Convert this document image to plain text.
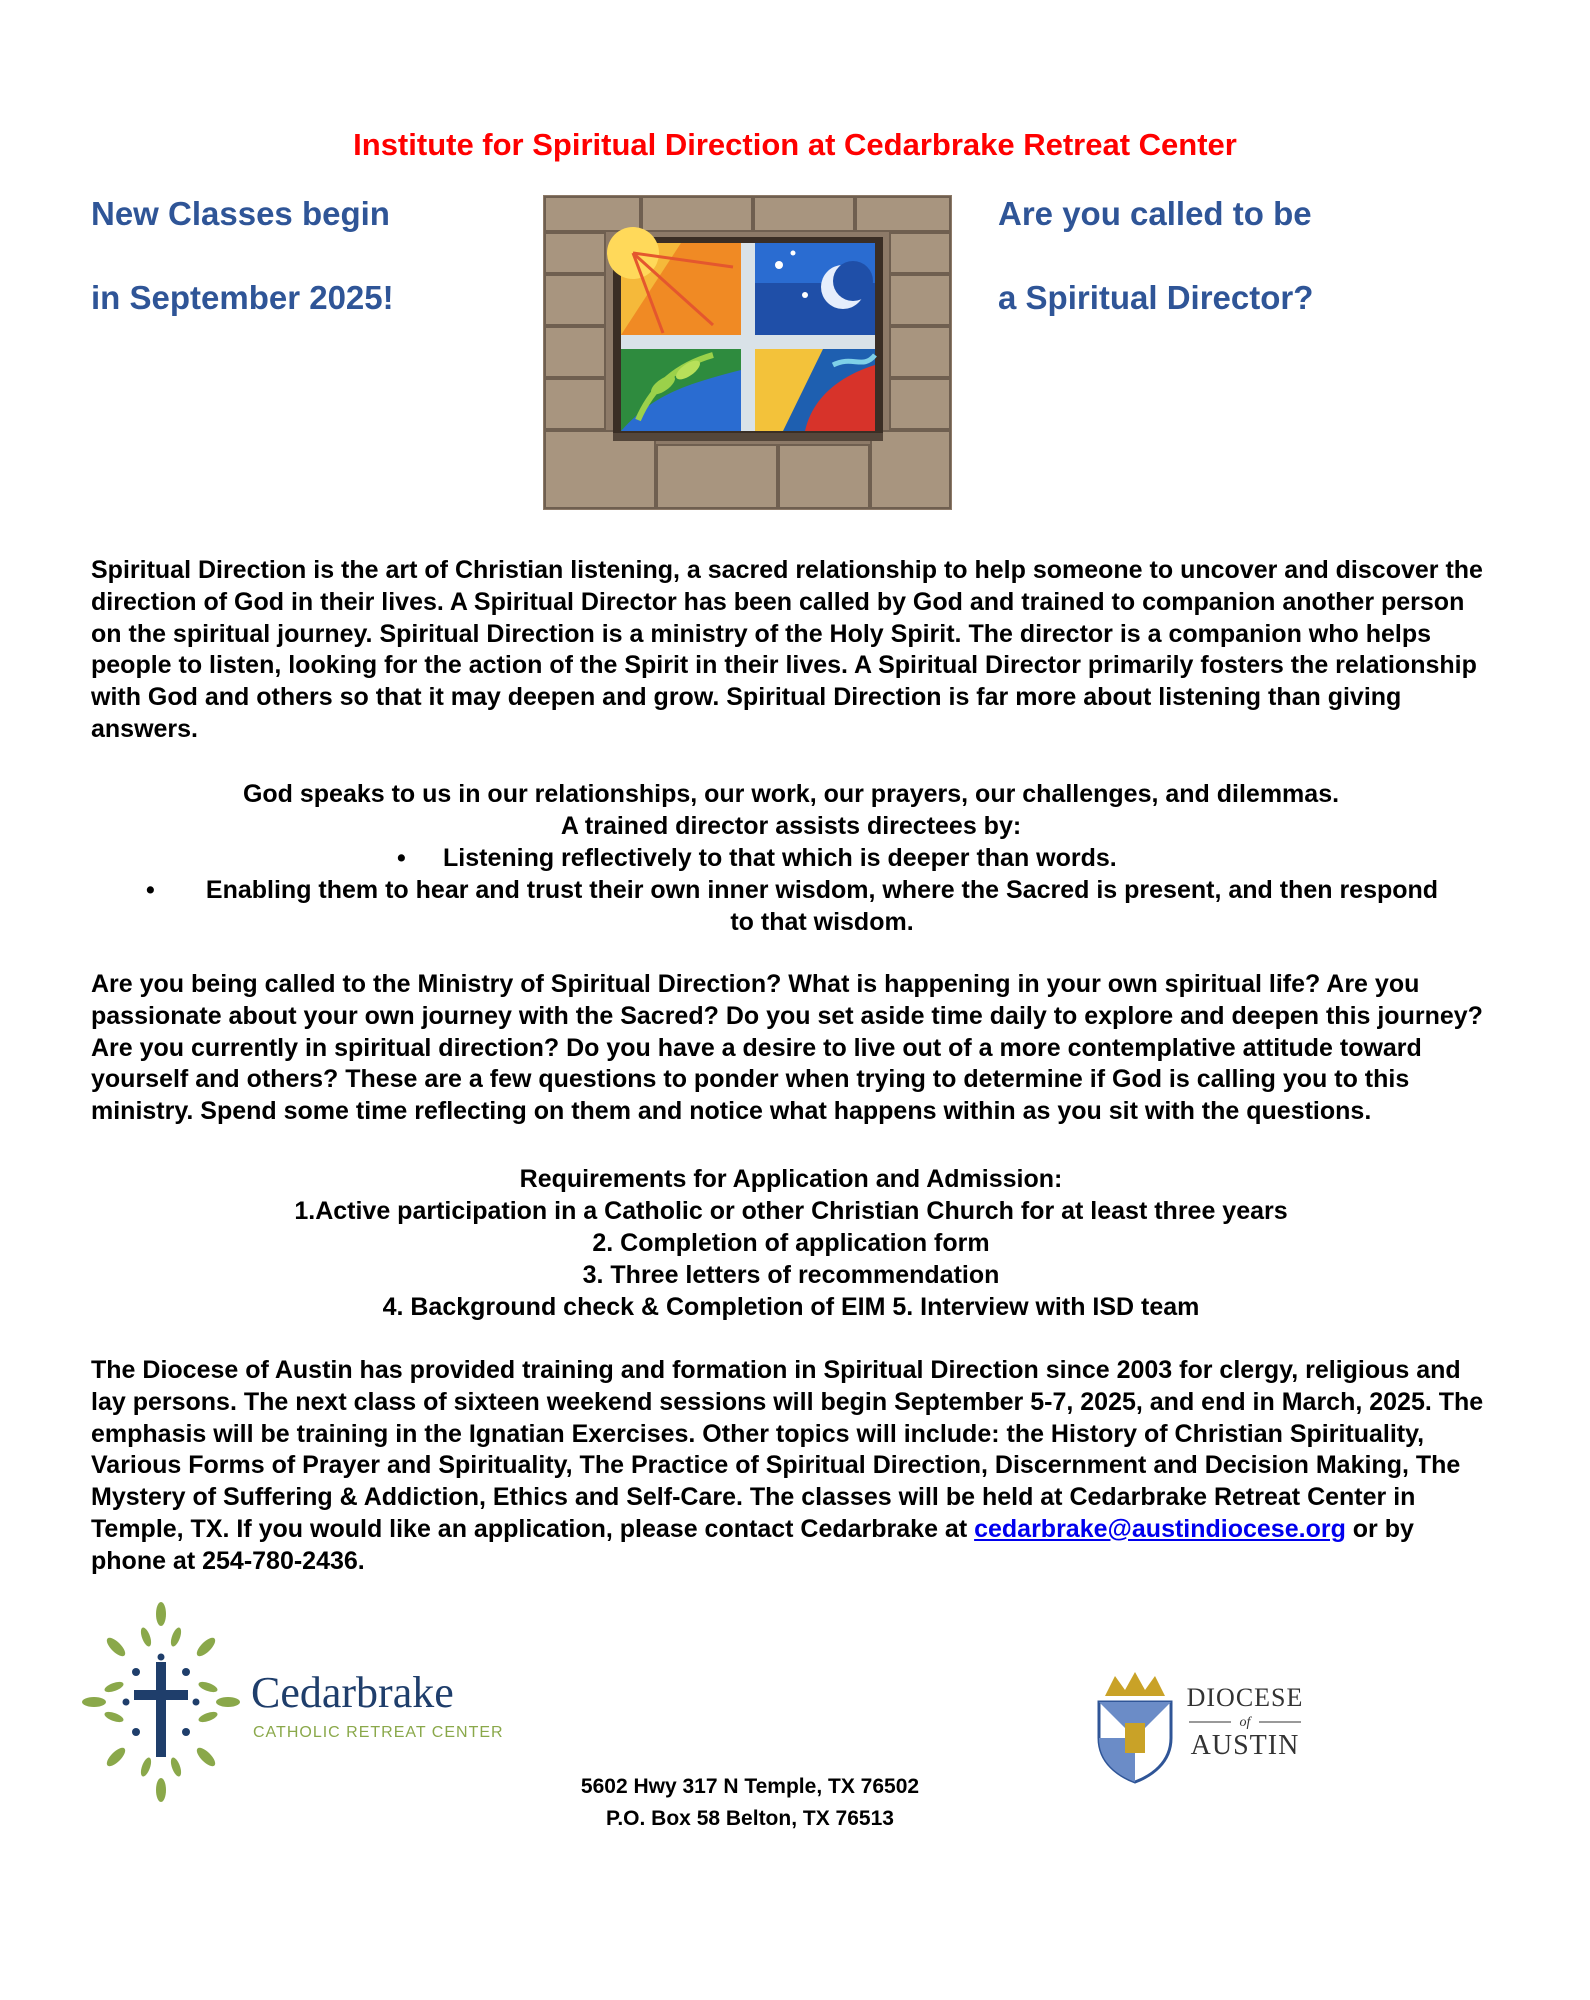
Institute for Spiritual Direction at Cedarbrake Retreat Center
New Classes begin
in September 2025!
Are you called to be
a Spiritual Director?
Spiritual Direction is the art of Christian listening, a sacred relationship to help someone to uncover and discover the direction of God in their lives. A Spiritual Director has been called by God and trained to companion another person on the spiritual journey. Spiritual Direction is a ministry of the Holy Spirit. The director is a companion who helps people to listen, looking for the action of the Spirit in their lives. A Spiritual Director primarily fosters the relationship with God and others so that it may deepen and grow. Spiritual Direction is far more about listening than giving answers.
God speaks to us in our relationships, our work, our prayers, our challenges, and dilemmas.
A trained director assists directees by:
• Listening reflectively to that which is deeper than words.
•	Enabling them to hear and trust their own inner wisdom, where the Sacred is present, and then respond to that wisdom.
Are you being called to the Ministry of Spiritual Direction? What is happening in your own spiritual life? Are you passionate about your own journey with the Sacred? Do you set aside time daily to explore and deepen this journey? Are you currently in spiritual direction? Do you have a desire to live out of a more contemplative attitude toward yourself and others? These are a few questions to ponder when trying to determine if God is calling you to this ministry. Spend some time reflecting on them and notice what happens within as you sit with the questions.
Requirements for Application and Admission:
1.Active participation in a Catholic or other Christian Church for at least three years
2. Completion of application form
3. Three letters of recommendation
4. Background check & Completion of EIM 5. Interview with ISD team
The Diocese of Austin has provided training and formation in Spiritual Direction since 2003 for clergy, religious and lay persons. The next class of sixteen weekend sessions will begin September 5-7, 2025, and end in March, 2025. The emphasis will be training in the Ignatian Exercises. Other topics will include: the History of Christian Spirituality, Various Forms of Prayer and Spirituality, The Practice of Spiritual Direction, Discernment and Decision Making, The Mystery of Suffering & Addiction, Ethics and Self-Care. The classes will be held at Cedarbrake Retreat Center in Temple, TX. If you would like an application, please contact Cedarbrake at cedarbrake@austindiocese.org or by phone at 254-780-2436.
Cedarbrake
CATHOLIC RETREAT CENTER
DIOCESE
of
AUSTIN
5602 Hwy 317 N Temple, TX 76502
P.O. Box 58 Belton, TX 76513
